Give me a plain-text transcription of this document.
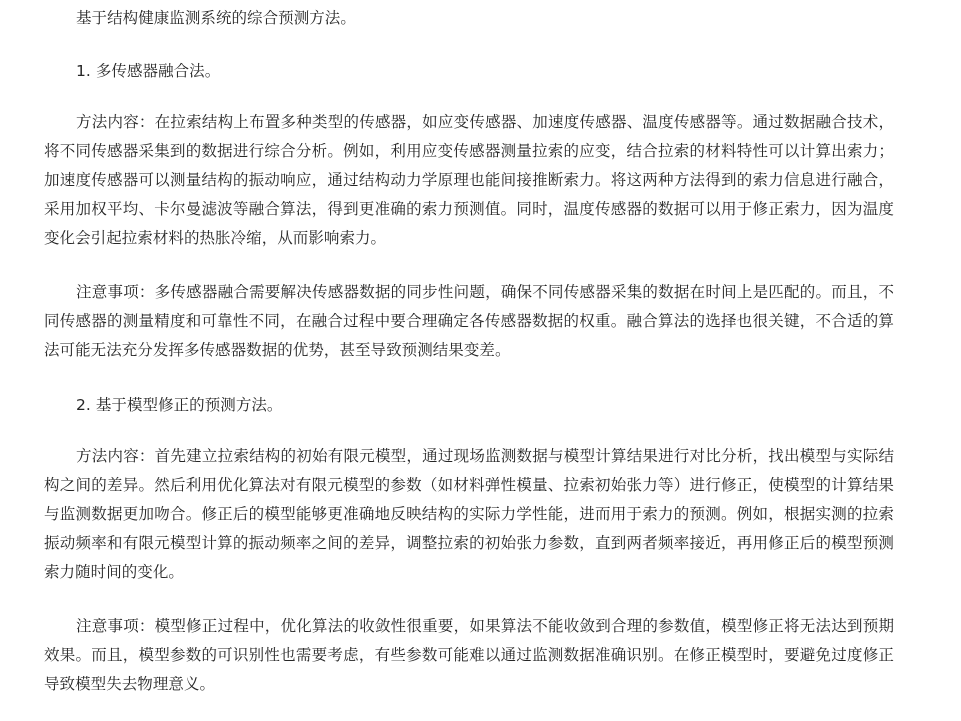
基于结构健康监测系统的综合预测方法。

1. 多传感器融合法。

方法内容：在拉索结构上布置多种类型的传感器，如应变传感器、加速度传感器、温度传感器等。通过数据融合技术，将不同传感器采集到的数据进行综合分析。例如，利用应变传感器测量拉索的应变，结合拉索的材料特性可以计算出索力；加速度传感器可以测量结构的振动响应，通过结构动力学原理也能间接推断索力。将这两种方法得到的索力信息进行融合，采用加权平均、卡尔曼滤波等融合算法，得到更准确的索力预测值。同时，温度传感器的数据可以用于修正索力，因为温度变化会引起拉索材料的热胀冷缩，从而影响索力。

注意事项：多传感器融合需要解决传感器数据的同步性问题，确保不同传感器采集的数据在时间上是匹配的。而且，不同传感器的测量精度和可靠性不同，在融合过程中要合理确定各传感器数据的权重。融合算法的选择也很关键，不合适的算法可能无法充分发挥多传感器数据的优势，甚至导致预测结果变差。

2. 基于模型修正的预测方法。

方法内容：首先建立拉索结构的初始有限元模型，通过现场监测数据与模型计算结果进行对比分析，找出模型与实际结构之间的差异。然后利用优化算法对有限元模型的参数（如材料弹性模量、拉索初始张力等）进行修正，使模型的计算结果与监测数据更加吻合。修正后的模型能够更准确地反映结构的实际力学性能，进而用于索力的预测。例如，根据实测的拉索振动频率和有限元模型计算的振动频率之间的差异，调整拉索的初始张力参数，直到两者频率接近，再用修正后的模型预测索力随时间的变化。

注意事项：模型修正过程中，优化算法的收敛性很重要，如果算法不能收敛到合理的参数值，模型修正将无法达到预期效果。而且，模型参数的可识别性也需要考虑，有些参数可能难以通过监测数据准确识别。在修正模型时，要避免过度修正导致模型失去物理意义。
